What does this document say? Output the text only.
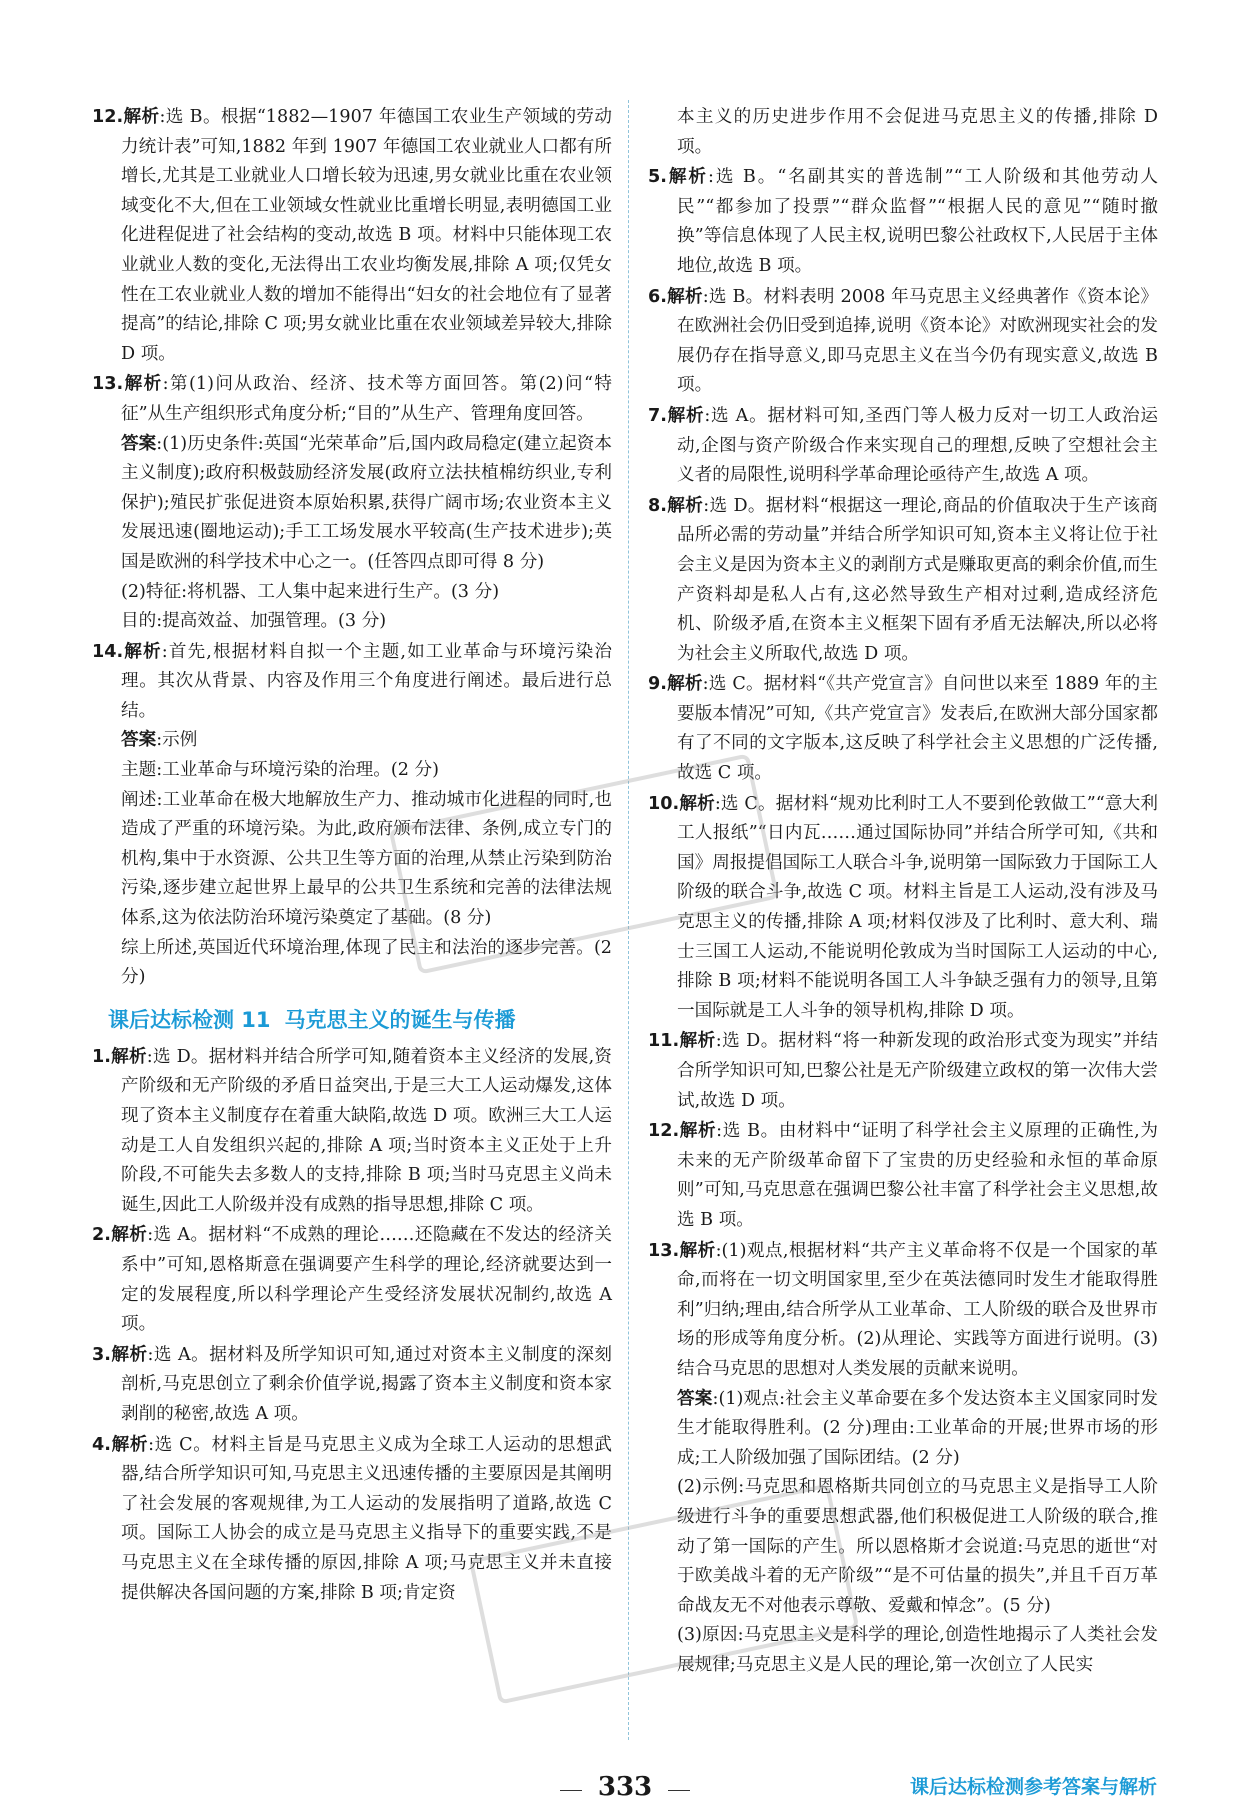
12.解析:选 B。根据“1882—1907 年德国工农业生产领域的劳动力统计表”可知,1882 年到 1907 年德国工农业就业人口都有所增长,尤其是工业就业人口增长较为迅速,男女就业比重在农业领域变化不大,但在工业领域女性就业比重增长明显,表明德国工业化进程促进了社会结构的变动,故选 B 项。材料中只能体现工农业就业人数的变化,无法得出工农业均衡发展,排除 A 项;仅凭女性在工农业就业人数的增加不能得出“妇女的社会地位有了显著提高”的结论,排除 C 项;男女就业比重在农业领域差异较大,排除 D 项。
13.解析:第(1)问从政治、经济、技术等方面回答。第(2)问“特征”从生产组织形式角度分析;“目的”从生产、管理角度回答。

答案:(1)历史条件:英国“光荣革命”后,国内政局稳定(建立起资本主义制度);政府积极鼓励经济发展(政府立法扶植棉纺织业,专利保护);殖民扩张促进资本原始积累,获得广阔市场;农业资本主义发展迅速(圈地运动);手工工场发展水平较高(生产技术进步);英国是欧洲的科学技术中心之一。(任答四点即可得 8 分)

(2)特征:将机器、工人集中起来进行生产。(3 分)

目的:提高效益、加强管理。(3 分)

14.解析:首先,根据材料自拟一个主题,如工业革命与环境污染治理。其次从背景、内容及作用三个角度进行阐述。最后进行总结。

答案:示例

主题:工业革命与环境污染的治理。(2 分)

阐述:工业革命在极大地解放生产力、推动城市化进程的同时,也造成了严重的环境污染。为此,政府颁布法律、条例,成立专门的机构,集中于水资源、公共卫生等方面的治理,从禁止污染到防治污染,逐步建立起世界上最早的公共卫生系统和完善的法律法规体系,这为依法防治环境污染奠定了基础。(8 分)

综上所述,英国近代环境治理,体现了民主和法治的逐步完善。(2 分)

课后达标检测 11 马克思主义的诞生与传播
1.解析:选 D。据材料并结合所学可知,随着资本主义经济的发展,资产阶级和无产阶级的矛盾日益突出,于是三大工人运动爆发,这体现了资本主义制度存在着重大缺陷,故选 D 项。欧洲三大工人运动是工人自发组织兴起的,排除 A 项;当时资本主义正处于上升阶段,不可能失去多数人的支持,排除 B 项;当时马克思主义尚未诞生,因此工人阶级并没有成熟的指导思想,排除 C 项。
2.解析:选 A。据材料“不成熟的理论……还隐藏在不发达的经济关系中”可知,恩格斯意在强调要产生科学的理论,经济就要达到一定的发展程度,所以科学理论产生受经济发展状况制约,故选 A 项。
3.解析:选 A。据材料及所学知识可知,通过对资本主义制度的深刻剖析,马克思创立了剩余价值学说,揭露了资本主义制度和资本家剥削的秘密,故选 A 项。
4.解析:选 C。材料主旨是马克思主义成为全球工人运动的思想武器,结合所学知识可知,马克思主义迅速传播的主要原因是其阐明了社会发展的客观规律,为工人运动的发展指明了道路,故选 C 项。国际工人协会的成立是马克思主义指导下的重要实践,不是马克思主义在全球传播的原因,排除 A 项;马克思主义并未直接提供解决各国问题的方案,排除 B 项;肯定资

本主义的历史进步作用不会促进马克思主义的传播,排除 D 项。

5.解析:选 B。“名副其实的普选制”“工人阶级和其他劳动人民”“都参加了投票”“群众监督”“根据人民的意见”“随时撤换”等信息体现了人民主权,说明巴黎公社政权下,人民居于主体地位,故选 B 项。
6.解析:选 B。材料表明 2008 年马克思主义经典著作《资本论》在欧洲社会仍旧受到追捧,说明《资本论》对欧洲现实社会的发展仍存在指导意义,即马克思主义在当今仍有现实意义,故选 B 项。
7.解析:选 A。据材料可知,圣西门等人极力反对一切工人政治运动,企图与资产阶级合作来实现自己的理想,反映了空想社会主义者的局限性,说明科学革命理论亟待产生,故选 A 项。
8.解析:选 D。据材料“根据这一理论,商品的价值取决于生产该商品所必需的劳动量”并结合所学知识可知,资本主义将让位于社会主义是因为资本主义的剥削方式是赚取更高的剩余价值,而生产资料却是私人占有,这必然导致生产相对过剩,造成经济危机、阶级矛盾,在资本主义框架下固有矛盾无法解决,所以必将为社会主义所取代,故选 D 项。
9.解析:选 C。据材料“《共产党宣言》自问世以来至 1889 年的主要版本情况”可知,《共产党宣言》发表后,在欧洲大部分国家都有了不同的文字版本,这反映了科学社会主义思想的广泛传播,故选 C 项。
10.解析:选 C。据材料“规劝比利时工人不要到伦敦做工”“意大利工人报纸”“日内瓦……通过国际协同”并结合所学可知,《共和国》周报提倡国际工人联合斗争,说明第一国际致力于国际工人阶级的联合斗争,故选 C 项。材料主旨是工人运动,没有涉及马克思主义的传播,排除 A 项;材料仅涉及了比利时、意大利、瑞士三国工人运动,不能说明伦敦成为当时国际工人运动的中心,排除 B 项;材料不能说明各国工人斗争缺乏强有力的领导,且第一国际就是工人斗争的领导机构,排除 D 项。
11.解析:选 D。据材料“将一种新发现的政治形式变为现实”并结合所学知识可知,巴黎公社是无产阶级建立政权的第一次伟大尝试,故选 D 项。
12.解析:选 B。由材料中“证明了科学社会主义原理的正确性,为未来的无产阶级革命留下了宝贵的历史经验和永恒的革命原则”可知,马克思意在强调巴黎公社丰富了科学社会主义思想,故选 B 项。
13.解析:(1)观点,根据材料“共产主义革命将不仅是一个国家的革命,而将在一切文明国家里,至少在英法德同时发生才能取得胜利”归纳;理由,结合所学从工业革命、工人阶级的联合及世界市场的形成等角度分析。(2)从理论、实践等方面进行说明。(3)结合马克思的思想对人类发展的贡献来说明。

答案:(1)观点:社会主义革命要在多个发达资本主义国家同时发生才能取得胜利。(2 分)理由:工业革命的开展;世界市场的形成;工人阶级加强了国际团结。(2 分)

(2)示例:马克思和恩格斯共同创立的马克思主义是指导工人阶级进行斗争的重要思想武器,他们积极促进工人阶级的联合,推动了第一国际的产生。所以恩格斯才会说道:马克思的逝世“对于欧美战斗着的无产阶级”“是不可估量的损失”,并且千百万革命战友无不对他表示尊敬、爱戴和悼念”。(5 分)

(3)原因:马克思主义是科学的理论,创造性地揭示了人类社会发展规律;马克思主义是人民的理论,第一次创立了人民实

333	课后达标检测参考答案与解析
